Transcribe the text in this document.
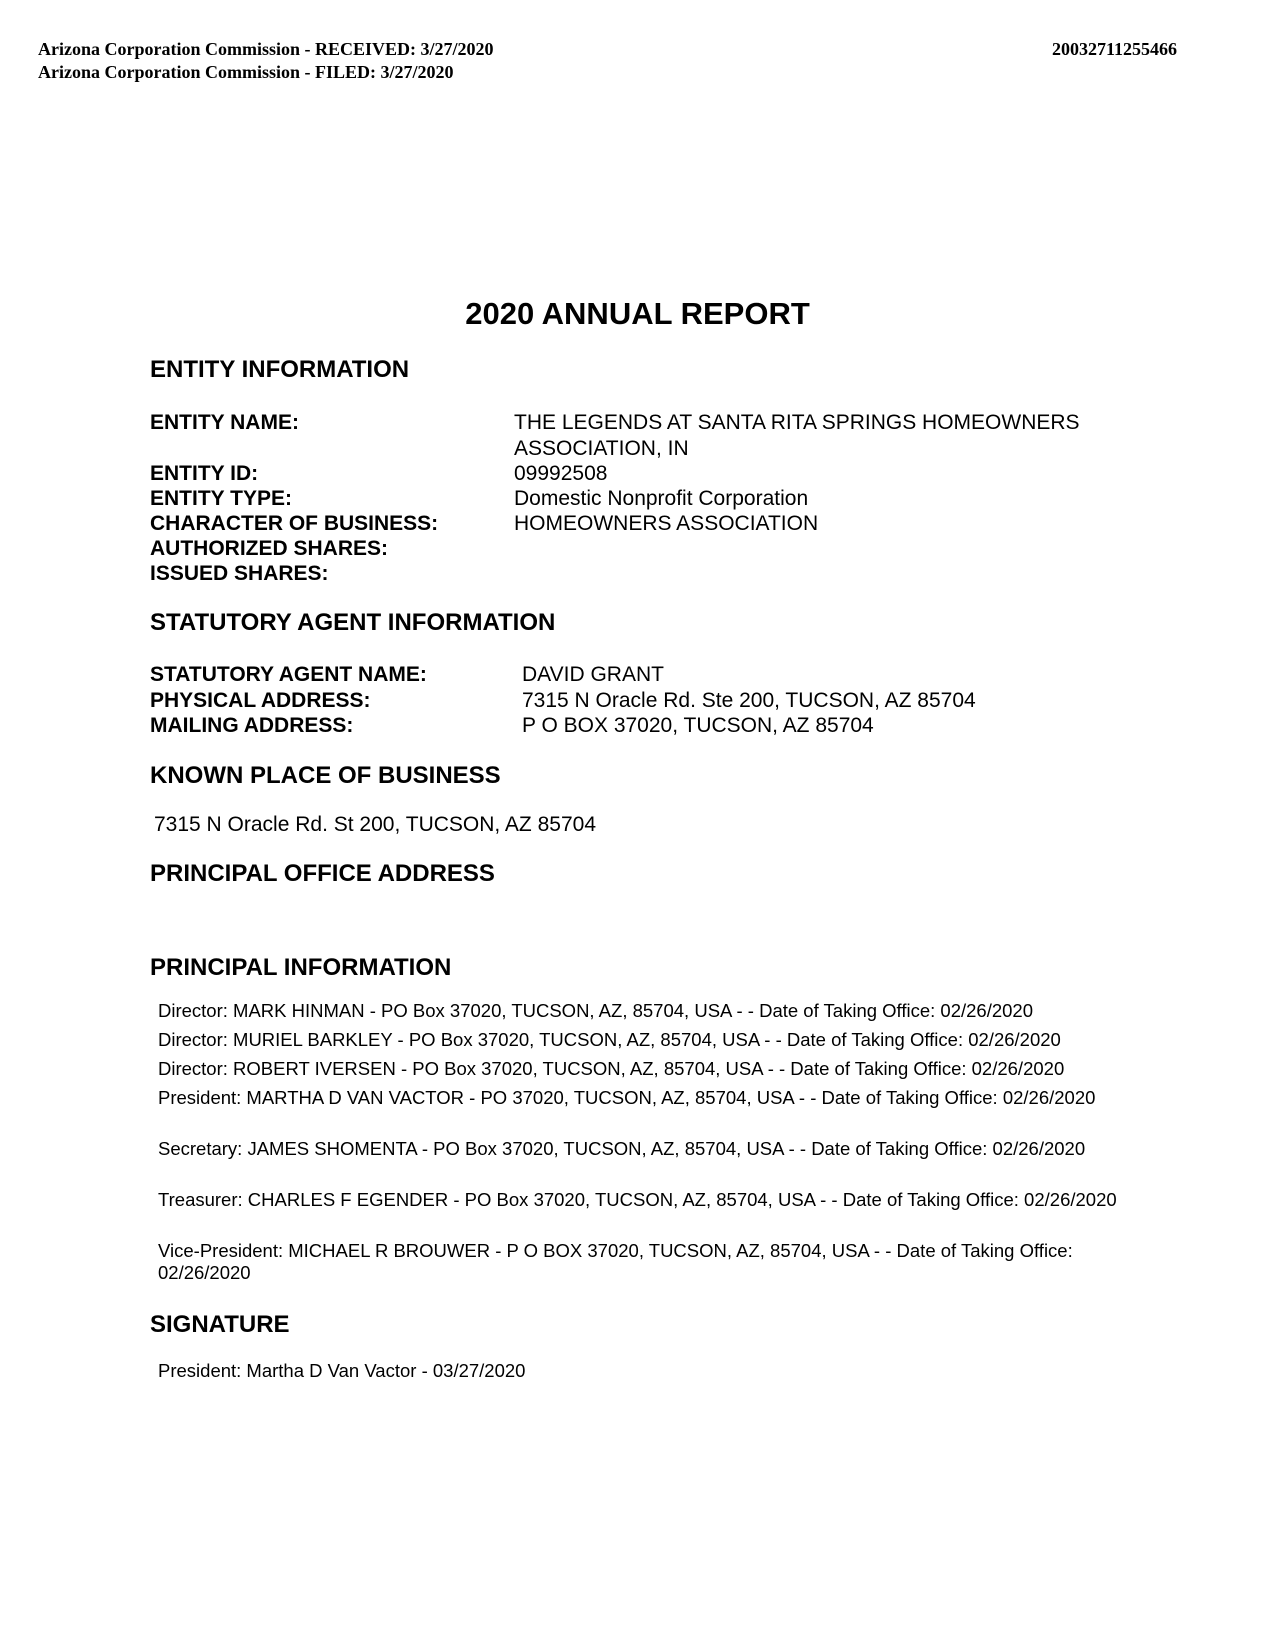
Arizona Corporation Commission - RECEIVED: 3/27/2020
Arizona Corporation Commission - FILED: 3/27/2020
20032711255466
2020 ANNUAL REPORT
ENTITY INFORMATION
ENTITY NAME:	THE LEGENDS AT SANTA RITA SPRINGS HOMEOWNERS ASSOCIATION, IN
ENTITY ID:	09992508
ENTITY TYPE:	Domestic Nonprofit Corporation
CHARACTER OF BUSINESS:	HOMEOWNERS ASSOCIATION
AUTHORIZED SHARES:
ISSUED SHARES:
STATUTORY AGENT INFORMATION
STATUTORY AGENT NAME:	DAVID GRANT
PHYSICAL ADDRESS:	7315 N Oracle Rd. Ste 200, TUCSON, AZ 85704
MAILING ADDRESS:	P O BOX 37020, TUCSON, AZ 85704
KNOWN PLACE OF BUSINESS
7315 N Oracle Rd. St 200, TUCSON, AZ 85704
PRINCIPAL OFFICE ADDRESS
PRINCIPAL INFORMATION
Director: MARK HINMAN - PO Box 37020, TUCSON, AZ, 85704, USA - - Date of Taking Office: 02/26/2020
Director: MURIEL BARKLEY - PO Box 37020, TUCSON, AZ, 85704, USA - - Date of Taking Office: 02/26/2020
Director: ROBERT IVERSEN - PO Box 37020, TUCSON, AZ, 85704, USA - - Date of Taking Office: 02/26/2020
President: MARTHA D VAN VACTOR - PO 37020, TUCSON, AZ, 85704, USA - - Date of Taking Office: 02/26/2020
Secretary: JAMES SHOMENTA - PO Box 37020, TUCSON, AZ, 85704, USA - - Date of Taking Office: 02/26/2020
Treasurer: CHARLES F EGENDER - PO Box 37020, TUCSON, AZ, 85704, USA - - Date of Taking Office: 02/26/2020
Vice-President: MICHAEL R BROUWER - P O BOX 37020, TUCSON, AZ, 85704, USA - - Date of Taking Office: 02/26/2020
SIGNATURE
President: Martha D Van Vactor - 03/27/2020
